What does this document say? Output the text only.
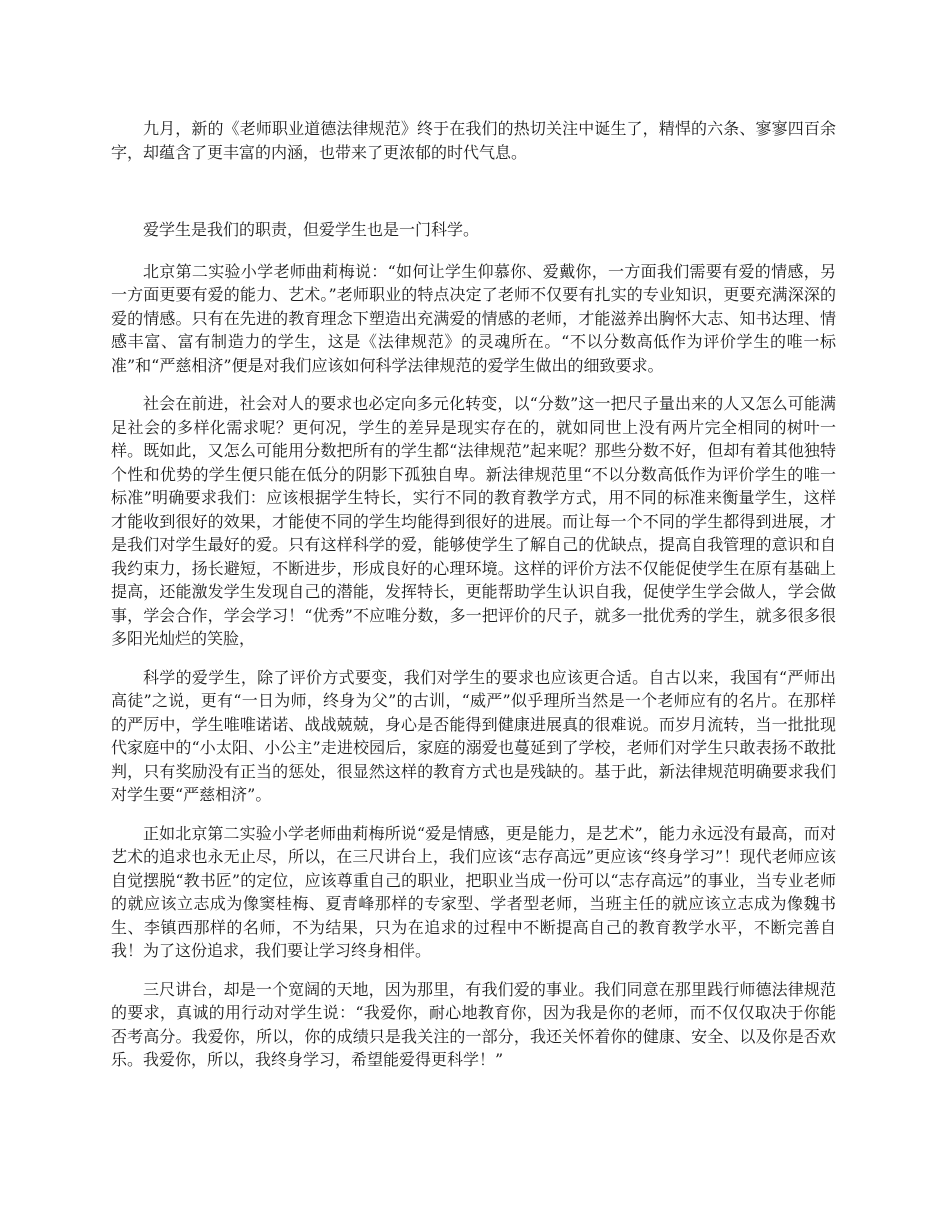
九月，新的《老师职业道德法律规范》终于在我们的热切关注中诞生了，精悍的六条、寥寥四百余字，却蕴含了更丰富的内涵，也带来了更浓郁的时代气息。

爱学生是我们的职责，但爱学生也是一门科学。

北京第二实验小学老师曲莉梅说：“如何让学生仰慕你、爱戴你，一方面我们需要有爱的情感，另一方面更要有爱的能力、艺术。”老师职业的特点决定了老师不仅要有扎实的专业知识，更要充满深深的爱的情感。只有在先进的教育理念下塑造出充满爱的情感的老师，才能滋养出胸怀大志、知书达理、情感丰富、富有制造力的学生，这是《法律规范》的灵魂所在。“不以分数高低作为评价学生的唯一标准”和“严慈相济”便是对我们应该如何科学法律规范的爱学生做出的细致要求。

社会在前进，社会对人的要求也必定向多元化转变，以“分数”这一把尺子量出来的人又怎么可能满足社会的多样化需求呢？更何况，学生的差异是现实存在的，就如同世上没有两片完全相同的树叶一样。既如此，又怎么可能用分数把所有的学生都“法律规范”起来呢？那些分数不好，但却有着其他独特个性和优势的学生便只能在低分的阴影下孤独自卑。新法律规范里“不以分数高低作为评价学生的唯一标准”明确要求我们：应该根据学生特长，实行不同的教育教学方式，用不同的标准来衡量学生，这样才能收到很好的效果，才能使不同的学生均能得到很好的进展。而让每一个不同的学生都得到进展，才是我们对学生最好的爱。只有这样科学的爱，能够使学生了解自己的优缺点，提高自我管理的意识和自我约束力，扬长避短，不断进步，形成良好的心理环境。这样的评价方法不仅能促使学生在原有基础上提高，还能激发学生发现自己的潜能，发挥特长，更能帮助学生认识自我，促使学生学会做人，学会做事，学会合作，学会学习！“优秀”不应唯分数，多一把评价的尺子，就多一批优秀的学生，就多很多很多阳光灿烂的笑脸，

科学的爱学生，除了评价方式要变，我们对学生的要求也应该更合适。自古以来，我国有“严师出高徒”之说，更有“一日为师，终身为父”的古训，“威严”似乎理所当然是一个老师应有的名片。在那样的严厉中，学生唯唯诺诺、战战兢兢，身心是否能得到健康进展真的很难说。而岁月流转，当一批批现代家庭中的“小太阳、小公主”走进校园后，家庭的溺爱也蔓延到了学校，老师们对学生只敢表扬不敢批判，只有奖励没有正当的惩处，很显然这样的教育方式也是残缺的。基于此，新法律规范明确要求我们对学生要“严慈相济”。

正如北京第二实验小学老师曲莉梅所说“爱是情感，更是能力，是艺术”，能力永远没有最高，而对艺术的追求也永无止尽，所以，在三尺讲台上，我们应该“志存高远”更应该“终身学习”！现代老师应该自觉摆脱“教书匠”的定位，应该尊重自己的职业，把职业当成一份可以“志存高远”的事业，当专业老师的就应该立志成为像窦桂梅、夏青峰那样的专家型、学者型老师，当班主任的就应该立志成为像魏书生、李镇西那样的名师，不为结果，只为在追求的过程中不断提高自己的教育教学水平，不断完善自我！为了这份追求，我们要让学习终身相伴。

三尺讲台，却是一个宽阔的天地，因为那里，有我们爱的事业。我们同意在那里践行师德法律规范的要求，真诚的用行动对学生说：“我爱你，耐心地教育你，因为我是你的老师，而不仅仅取决于你能否考高分。我爱你，所以，你的成绩只是我关注的一部分，我还关怀着你的健康、安全、以及你是否欢乐。我爱你，所以，我终身学习，希望能爱得更科学！”
